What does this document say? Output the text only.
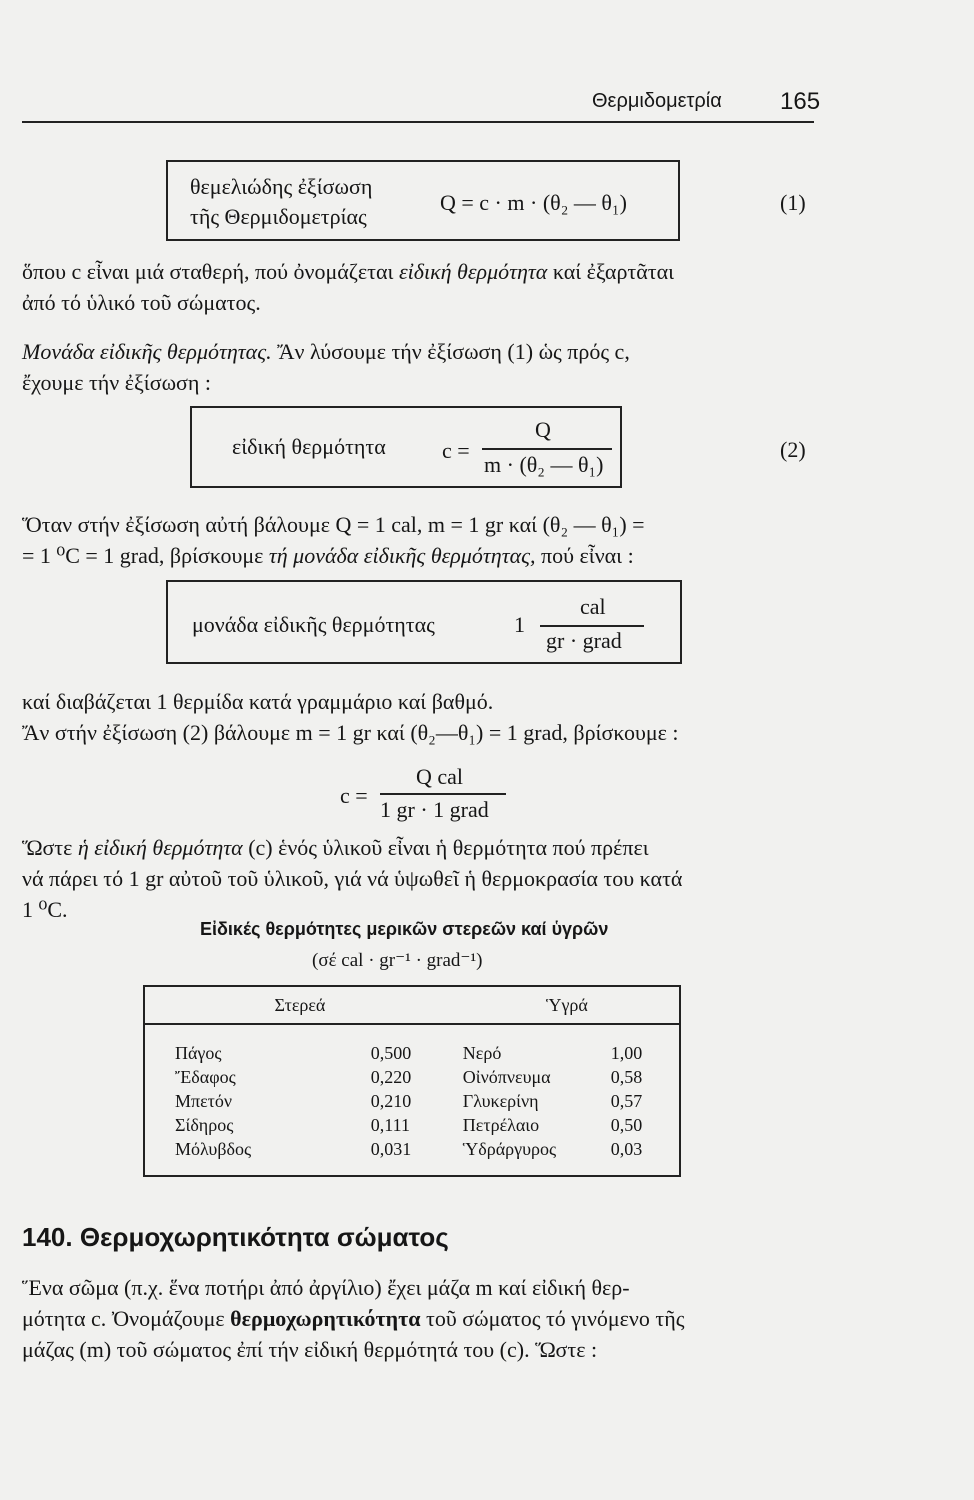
Θερμιδομετρία 165
θεμελιώδης ἐξίσωση
τῆς Θερμιδομετρίας
Q = c · m · (θ₂ — θ₁)	(1)
ὅπου c εἶναι μιά σταθερή, πού ὀνομάζεται εἰδική θερμότητα καί ἐξαρτᾶται
ἀπό τό ὑλικό τοῦ σώματος.
Μονάδα εἰδικῆς θερμότητας. Ἄν λύσουμε τήν ἐξίσωση (1) ὡς πρός c,
ἔχουμε τήν ἐξίσωση :
εἰδική θερμότητα	c =
Q
m · (θ₂ — θ₁)
(2)
Ὅταν στήν ἐξίσωση αὐτή βάλουμε Q = 1 cal, m = 1 gr καί (θ₂ — θ₁) =
= 1 ⁰C = 1 grad, βρίσκουμε τή μονάδα εἰδικῆς θερμότητας, πού εἶναι :
μονάδα εἰδικῆς θερμότητας	1
cal
gr · grad
καί διαβάζεται 1 θερμίδα κατά γραμμάριο καί βαθμό.
Ἄν στήν ἐξίσωση (2) βάλουμε m = 1 gr καί (θ₂—θ₁) = 1 grad, βρίσκουμε :
c =
Q cal
1 gr · 1 grad
Ὥστε ἡ εἰδική θερμότητα (c) ἑνός ὑλικοῦ εἶναι ἡ θερμότητα πού πρέπει
νά πάρει τό 1 gr αὐτοῦ τοῦ ὑλικοῦ, γιά νά ὑψωθεῖ ἡ θερμοκρασία του κατά
1 ⁰C.
Εἰδικές θερμότητες μερικῶν στερεῶν καί ὑγρῶν
(σέ cal · gr⁻¹ · grad⁻¹)
Στερεά		Ὑγρά	
Πάγος	0,500	Νερό	1,00
Ἔδαφος	0,220	Οἰνόπνευμα	0,58
Μπετόν	0,210	Γλυκερίνη	0,57
Σίδηρος	0,111	Πετρέλαιο	0,50
Μόλυβδος	0,031	Ὑδράργυρος	0,03
140. Θερμοχωρητικότητα σώματος
Ἕνα σῶμα (π.χ. ἕνα ποτήρι ἀπό ἀργίλιο) ἔχει μάζα m καί εἰδική θερ-
μότητα c. Ὀνομάζουμε θερμοχωρητικότητα τοῦ σώματος τό γινόμενο τῆς
μάζας (m) τοῦ σώματος ἐπί τήν εἰδική θερμότητά του (c). Ὥστε :
